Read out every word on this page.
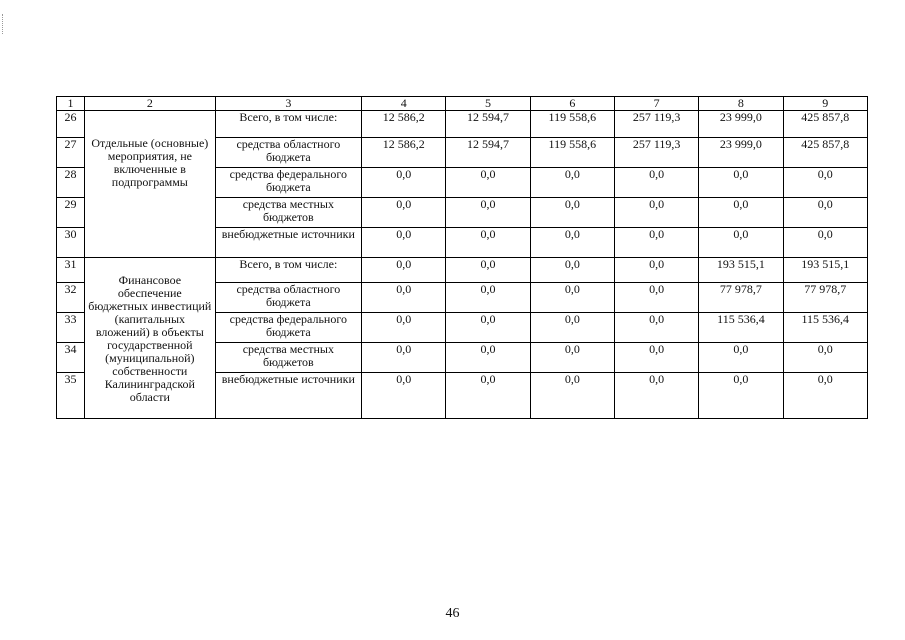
1	2	3	4	5	6	7	8	9
26	Отдельные (основные) мероприятия, не включенные в подпрограммы	Всего, в том числе:	12 586,2	12 594,7	119 558,6	257 119,3	23 999,0	425 857,8
27		средства областного бюджета	12 586,2	12 594,7	119 558,6	257 119,3	23 999,0	425 857,8
28		средства федерального бюджета	0,0	0,0	0,0	0,0	0,0	0,0
29		средства местных бюджетов	0,0	0,0	0,0	0,0	0,0	0,0
30		внебюджетные источники	0,0	0,0	0,0	0,0	0,0	0,0
31	Финансовое обеспечение бюджетных инвестиций (капитальных вложений) в объекты государственной (муниципальной) собственности Калининградской области	Всего, в том числе:	0,0	0,0	0,0	0,0	193 515,1	193 515,1
32		средства областного бюджета	0,0	0,0	0,0	0,0	77 978,7	77 978,7
33		средства федерального бюджета	0,0	0,0	0,0	0,0	115 536,4	115 536,4
34		средства местных бюджетов	0,0	0,0	0,0	0,0	0,0	0,0
35		внебюджетные источники	0,0	0,0	0,0	0,0	0,0	0,0
46
